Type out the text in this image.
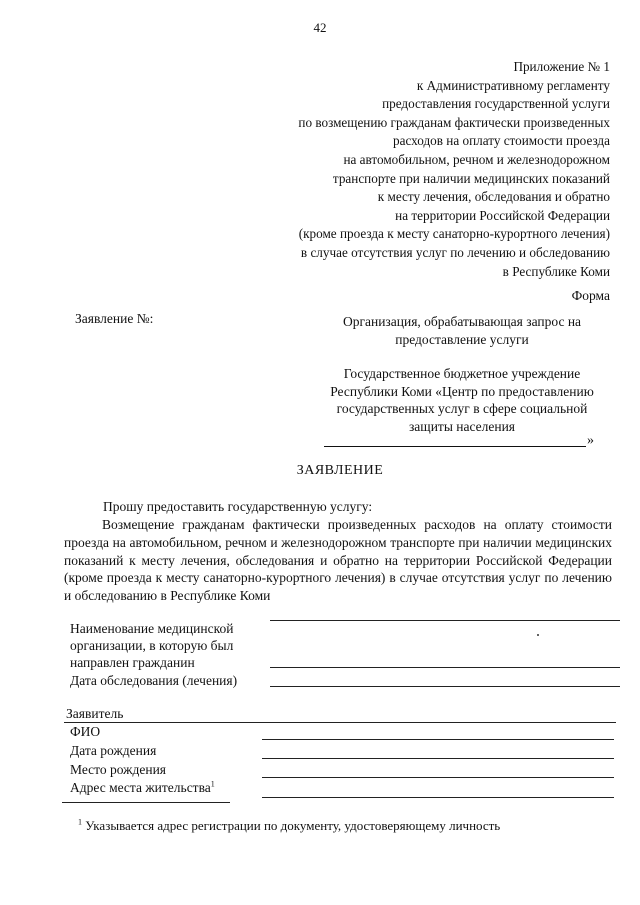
42
Приложение № 1
к Административному регламенту
предоставления государственной услуги
по возмещению гражданам фактически произведенных
расходов на оплату стоимости проезда
на автомобильном, речном и железнодорожном
транспорте при наличии медицинских показаний
к месту лечения, обследования и обратно
на территории Российской Федерации
(кроме проезда к месту санаторно-курортного лечения)
в случае отсутствия услуг по лечению и обследованию
в Республике Коми
Форма
Заявление №:	Организация, обрабатывающая запрос на
предоставление услуги
Государственное бюджетное учреждение
Республики Коми «Центр по предоставлению
государственных услуг в сфере социальной
защиты населения
»
ЗАЯВЛЕНИЕ
Прошу предоставить государственную услугу:
Возмещение гражданам фактически произведенных расходов на оплату стоимости проезда на автомобильном, речном и железнодорожном транспорте при наличии медицинских показаний к месту лечения, обследования и обратно на территории Российской Федерации (кроме проезда к месту санаторно-курортного лечения) в случае отсутствия услуг по лечению и обследованию в Республике Коми
Наименование медицинской
организации, в которую был
направлен гражданин
Дата обследования (лечения)
Заявитель
ФИО
Дата рождения
Место рождения
Адрес места жительства$^1$
$^1$ Указывается адрес регистрации по документу, удостоверяющему личность
